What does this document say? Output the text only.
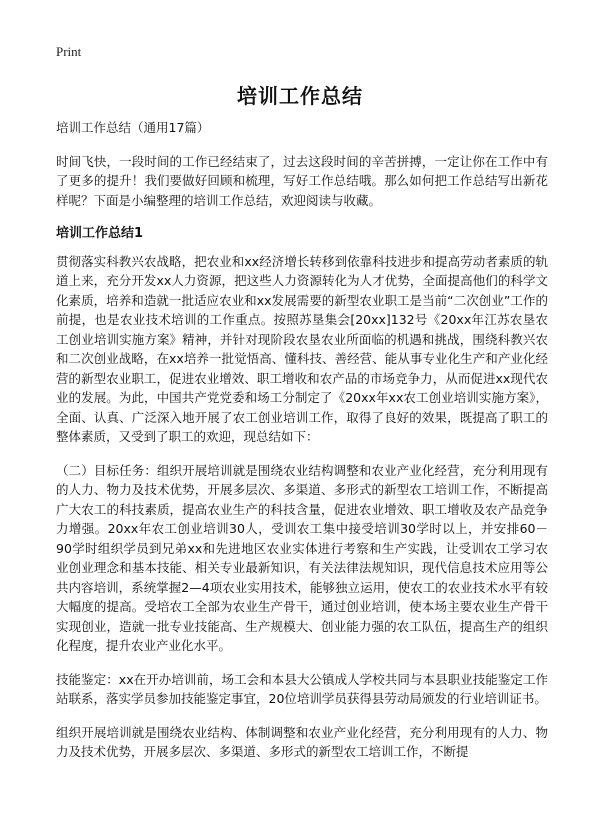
Print
培训工作总结

培训工作总结（通用17篇）

时间飞快，一段时间的工作已经结束了，过去这段时间的辛苦拼搏，一定让你在工作中有了更多的提升！我们要做好回顾和梳理，写好工作总结哦。那么如何把工作总结写出新花样呢？下面是小编整理的培训工作总结，欢迎阅读与收藏。

培训工作总结1

贯彻落实科教兴农战略，把农业和xx经济增长转移到依靠科技进步和提高劳动者素质的轨道上来，充分开发xx人力资源，把这些人力资源转化为人才优势，全面提高他们的科学文化素质，培养和造就一批适应农业和xx发展需要的新型农业职工是当前“二次创业”工作的前提，也是农业技术培训的工作重点。按照苏垦集会[20xx]132号《20xx年江苏农垦农工创业培训实施方案》精神，并针对现阶段农垦农业所面临的机遇和挑战，围绕科教兴农和二次创业战略，在xx培养一批觉悟高、懂科技、善经营、能从事专业化生产和产业化经营的新型农业职工，促进农业增效、职工增收和农产品的市场竞争力，从而促进xx现代农业的发展。为此，中国共产党党委和场工分制定了《20xx年xx农工创业培训实施方案》，全面、认真、广泛深入地开展了农工创业培训工作，取得了良好的效果，既提高了职工的整体素质，又受到了职工的欢迎，现总结如下：

（二）目标任务：组织开展培训就是围绕农业结构调整和农业产业化经营，充分利用现有的人力、物力及技术优势，开展多层次、多渠道、多形式的新型农工培训工作，不断提高广大农工的科技素质，提高农业生产的科技含量，促进农业增效、职工增收及农产品竞争力增强。20xx年农工创业培训30人，受训农工集中接受培训30学时以上，并安排60－90学时组织学员到兄弟xx和先进地区农业实体进行考察和生产实践，让受训农工学习农业创业理念和基本技能、相关专业最新知识，有关法律法规知识，现代信息技术应用等公共内容培训，系统掌握2—4项农业实用技术，能够独立运用，使农工的农业技术水平有较大幅度的提高。受培农工全部为农业生产骨干，通过创业培训，使本场主要农业生产骨干实现创业，造就一批专业技能高、生产规模大、创业能力强的农工队伍，提高生产的组织化程度，提升农业产业化水平。

技能鉴定：xx在开办培训前，场工会和本县大公镇成人学校共同与本县职业技能鉴定工作站联系，落实学员参加技能鉴定事宜，20位培训学员获得县劳动局颁发的行业培训证书。

组织开展培训就是围绕农业结构、体制调整和农业产业化经营，充分利用现有的人力、物力及技术优势，开展多层次、多渠道、多形式的新型农工培训工作，不断提
